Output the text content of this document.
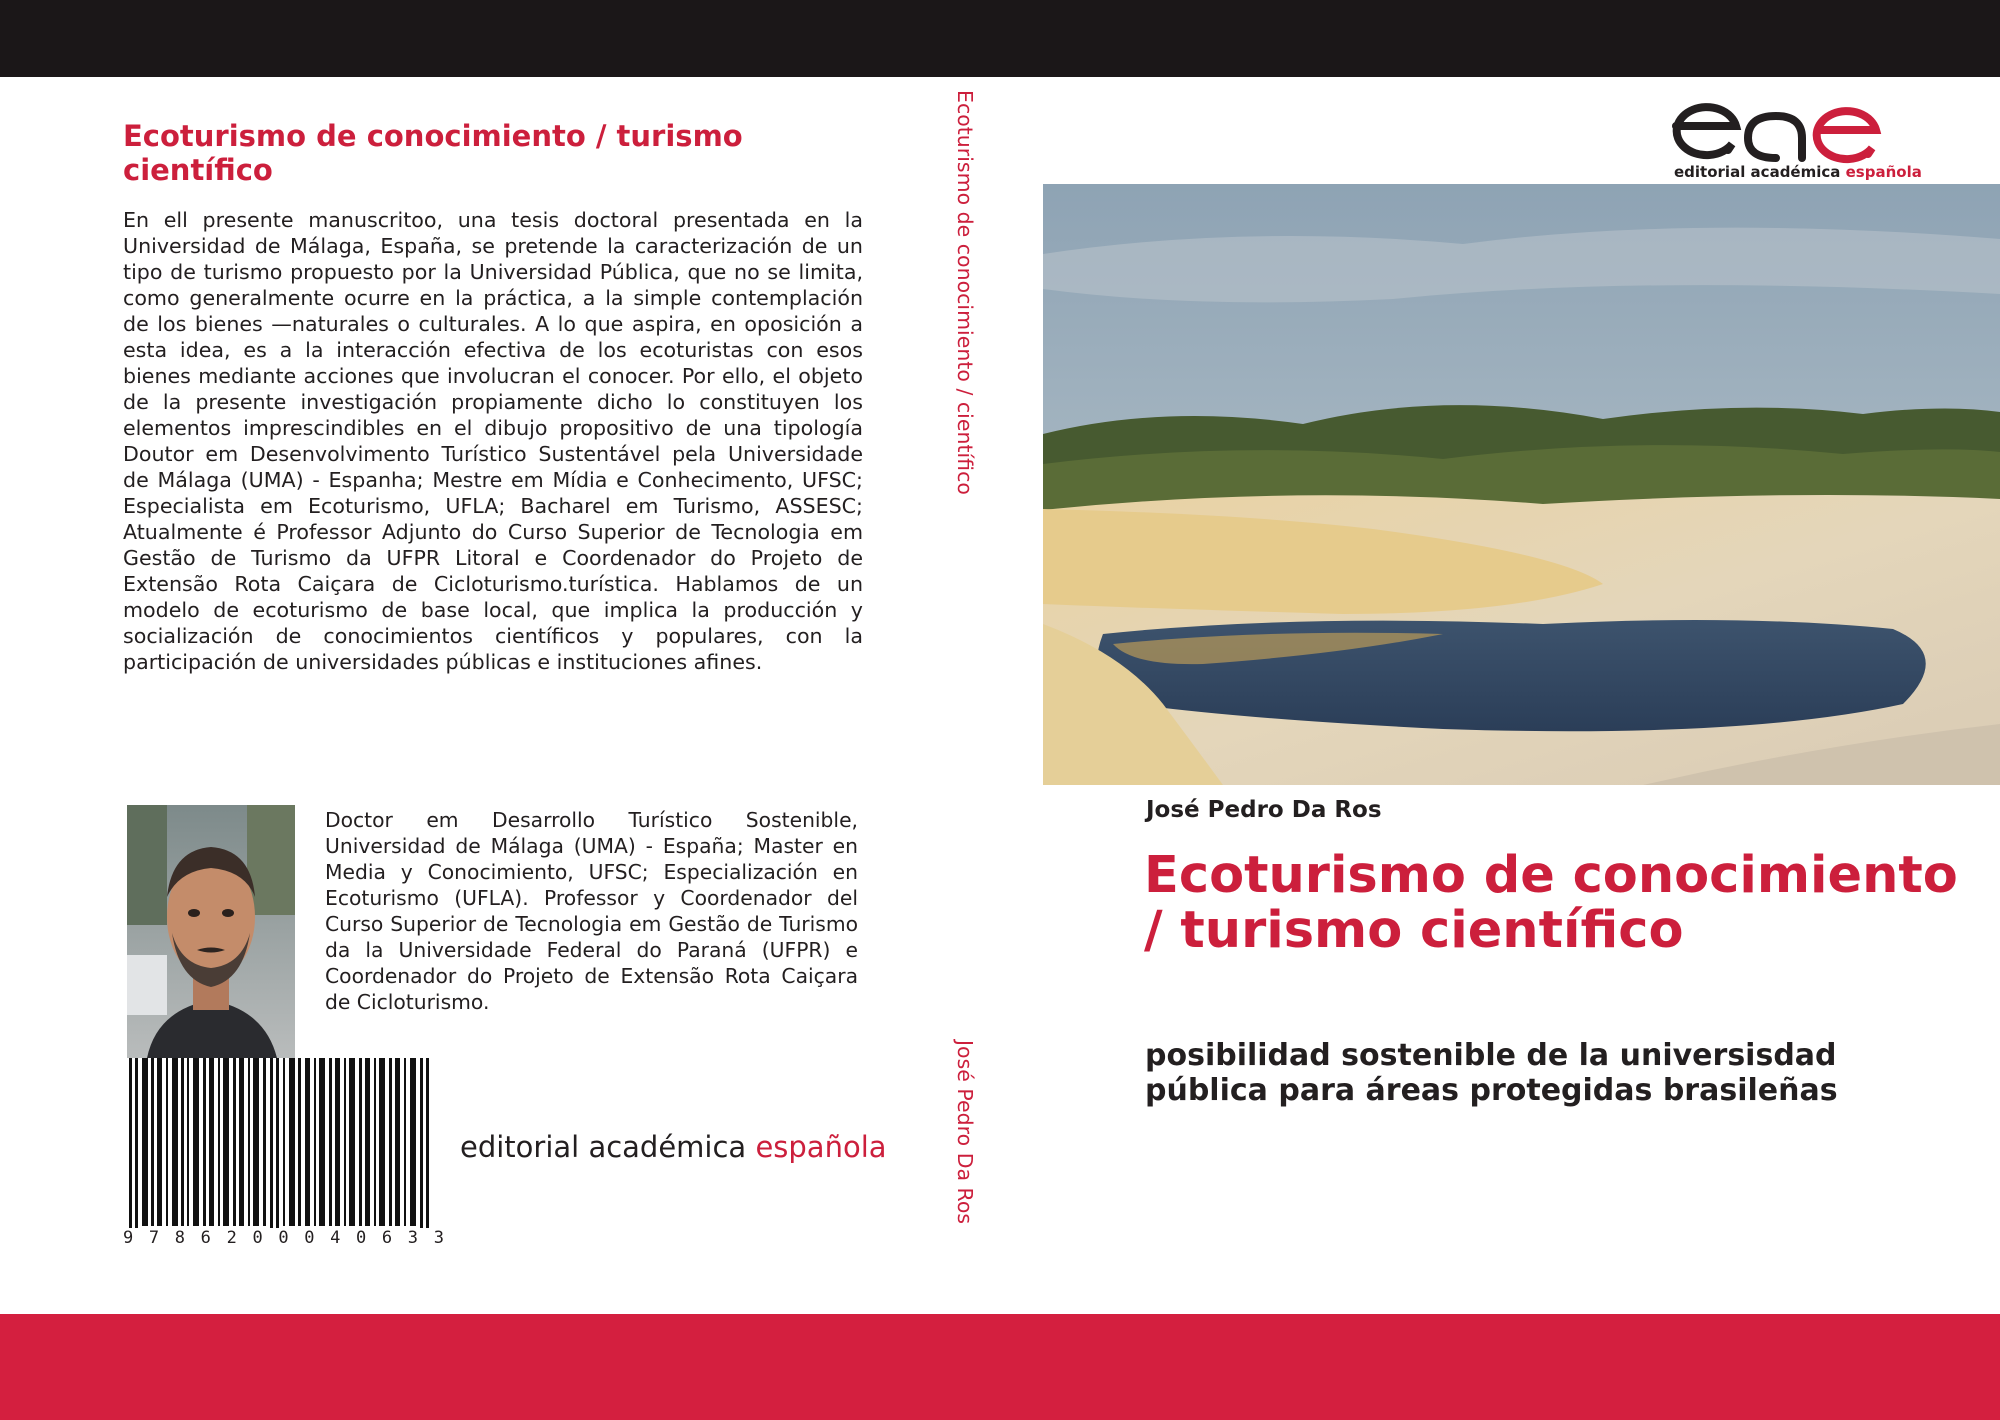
Ecoturismo de conocimiento / turismo científico

En ell presente manuscritoo, una tesis doctoral presentada en la Universidad de Málaga, España, se pretende la caracterización de un tipo de turismo propuesto por la Universidad Pública, que no se limita, como generalmente ocurre en la práctica, a la simple contemplación de los bienes —naturales o culturales. A lo que aspira, en oposición a esta idea, es a la interacción efectiva de los ecoturistas con esos bienes mediante acciones que involucran el conocer. Por ello, el objeto de la presente investigación propiamente dicho lo constituyen los elementos imprescindibles en el dibujo propositivo de una tipología Doutor em Desenvolvimento Turístico Sustentável pela Universidade de Málaga (UMA) - Espanha; Mestre em Mídia e Conhecimento, UFSC; Especialista em Ecoturismo, UFLA; Bacharel em Turismo, ASSESC; Atualmente é Professor Adjunto do Curso Superior de Tecnologia em Gestão de Turismo da UFPR Litoral e Coordenador do Projeto de Extensão Rota Caiçara de Cicloturismo.turística. Hablamos de un modelo de ecoturismo de base local, que implica la producción y socialización de conocimientos científicos y populares, con la participación de universidades públicas e instituciones afines.

Doctor em Desarrollo Turístico Sostenible, Universidad de Málaga (UMA) - España; Master en Media y Conocimiento, UFSC; Especialización en Ecoturismo (UFLA). Professor y Coordenador del Curso Superior de Tecnologia em Gestão de Turismo da la Universidade Federal do Paraná (UFPR) e Coordenador do Projeto de Extensão Rota Caiçara de Cicloturismo.

9 7 8 6 2 0 0 0 4 0 6 3 3
editorial académica española
Ecoturismo de conocimiento / científico
José Pedro Da Ros
editorial académica española
José Pedro Da Ros
Ecoturismo de conocimiento / turismo científico
posibilidad sostenible de la universisdad pública para áreas protegidas brasileñas
